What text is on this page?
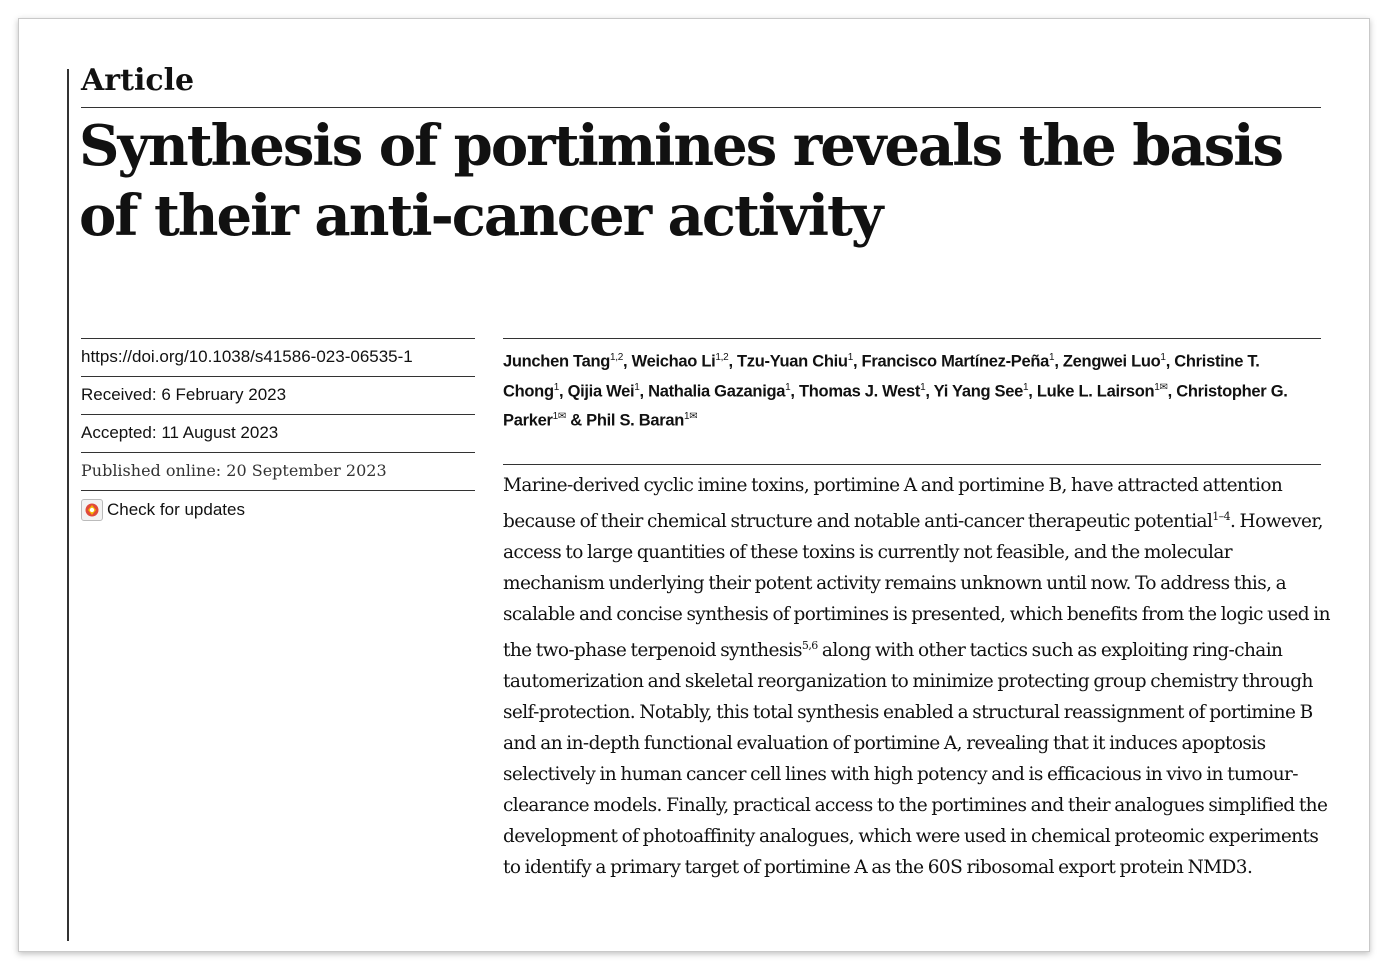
Article
Synthesis of portimines reveals the basis of their anti-cancer activity
https://doi.org/10.1038/s41586-023-06535-1
Received: 6 February 2023
Accepted: 11 August 2023
Published online: 20 September 2023
Check for updates
Junchen Tang$^{1,2}$, Weichao Li$^{1,2}$, Tzu-Yuan Chiu$^1$, Francisco Martínez-Peña$^1$, Zengwei Luo$^1$, Christine T. Chong$^1$, Qijia Wei$^1$, Nathalia Gazaniga$^1$, Thomas J. West$^1$, Yi Yang See$^1$, Luke L. Lairson$^{1✉}$, Christopher G. Parker$^{1✉}$ & Phil S. Baran$^{1✉}$
Marine-derived cyclic imine toxins, portimine A and portimine B, have attracted attention because of their chemical structure and notable anti-cancer therapeutic potential$^{1-4}$. However, access to large quantities of these toxins is currently not feasible, and the molecular mechanism underlying their potent activity remains unknown until now. To address this, a scalable and concise synthesis of portimines is presented, which benefits from the logic used in the two-phase terpenoid synthesis$^{5,6}$ along with other tactics such as exploiting ring-chain tautomerization and skeletal reorganization to minimize protecting group chemistry through self-protection. Notably, this total synthesis enabled a structural reassignment of portimine B and an in-depth functional evaluation of portimine A, revealing that it induces apoptosis selectively in human cancer cell lines with high potency and is efficacious in vivo in tumour-clearance models. Finally, practical access to the portimines and their analogues simplified the development of photoaffinity analogues, which were used in chemical proteomic experiments to identify a primary target of portimine A as the 60S ribosomal export protein NMD3.
